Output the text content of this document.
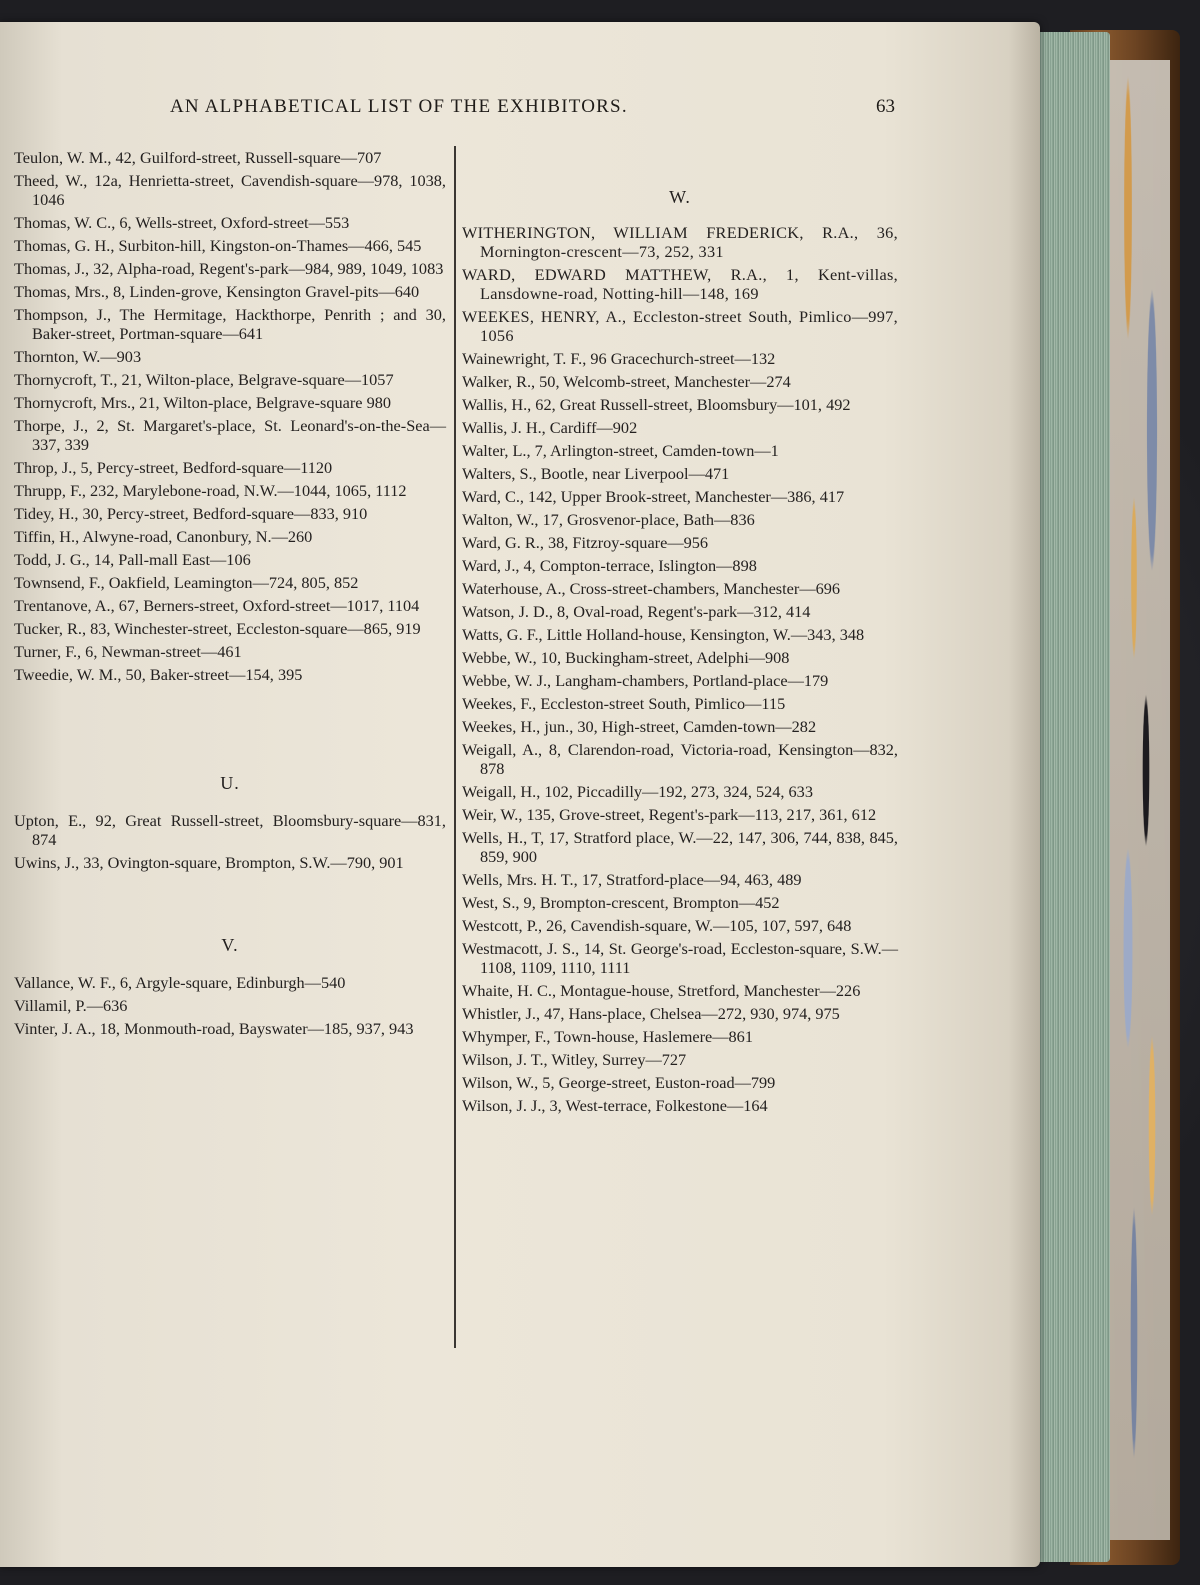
AN ALPHABETICAL LIST OF THE EXHIBITORS.	63
Teulon, W. M., 42, Guilford-street, Russell-square—707
Theed, W., 12a, Henrietta-street, Cavendish-square—978, 1038, 1046
Thomas, W. C., 6, Wells-street, Oxford-street—553
Thomas, G. H., Surbiton-hill, Kingston-on-Thames—466, 545
Thomas, J., 32, Alpha-road, Regent's-park—984, 989, 1049, 1083
Thomas, Mrs., 8, Linden-grove, Kensington Gravel-pits—640
Thompson, J., The Hermitage, Hackthorpe, Penrith ; and 30, Baker-street, Portman-square—641
Thornton, W.—903
Thornycroft, T., 21, Wilton-place, Belgrave-square—1057
Thornycroft, Mrs., 21, Wilton-place, Belgrave-square 980
Thorpe, J., 2, St. Margaret's-place, St. Leonard's-on-the-Sea—337, 339
Throp, J., 5, Percy-street, Bedford-square—1120
Thrupp, F., 232, Marylebone-road, N.W.—1044, 1065, 1112
Tidey, H., 30, Percy-street, Bedford-square—833, 910
Tiffin, H., Alwyne-road, Canonbury, N.—260
Todd, J. G., 14, Pall-mall East—106
Townsend, F., Oakfield, Leamington—724, 805, 852
Trentanove, A., 67, Berners-street, Oxford-street—1017, 1104
Tucker, R., 83, Winchester-street, Eccleston-square—865, 919
Turner, F., 6, Newman-street—461
Tweedie, W. M., 50, Baker-street—154, 395
U.
Upton, E., 92, Great Russell-street, Bloomsbury-square—831, 874
Uwins, J., 33, Ovington-square, Brompton, S.W.—790, 901
V.
Vallance, W. F., 6, Argyle-square, Edinburgh—540
Villamil, P.—636
Vinter, J. A., 18, Monmouth-road, Bayswater—185, 937, 943
W.
WITHERINGTON, WILLIAM FREDERICK, R.A., 36, Mornington-crescent—73, 252, 331
WARD, EDWARD MATTHEW, R.A., 1, Kent-villas, Lansdowne-road, Notting-hill—148, 169
WEEKES, HENRY, A., Eccleston-street South, Pimlico—997, 1056
Wainewright, T. F., 96 Gracechurch-street—132
Walker, R., 50, Welcomb-street, Manchester—274
Wallis, H., 62, Great Russell-street, Bloomsbury—101, 492
Wallis, J. H., Cardiff—902
Walter, L., 7, Arlington-street, Camden-town—1
Walters, S., Bootle, near Liverpool—471
Ward, C., 142, Upper Brook-street, Manchester—386, 417
Walton, W., 17, Grosvenor-place, Bath—836
Ward, G. R., 38, Fitzroy-square—956
Ward, J., 4, Compton-terrace, Islington—898
Waterhouse, A., Cross-street-chambers, Manchester—696
Watson, J. D., 8, Oval-road, Regent's-park—312, 414
Watts, G. F., Little Holland-house, Kensington, W.—343, 348
Webbe, W., 10, Buckingham-street, Adelphi—908
Webbe, W. J., Langham-chambers, Portland-place—179
Weekes, F., Eccleston-street South, Pimlico—115
Weekes, H., jun., 30, High-street, Camden-town—282
Weigall, A., 8, Clarendon-road, Victoria-road, Kensington—832, 878
Weigall, H., 102, Piccadilly—192, 273, 324, 524, 633
Weir, W., 135, Grove-street, Regent's-park—113, 217, 361, 612
Wells, H., T, 17, Stratford place, W.—22, 147, 306, 744, 838, 845, 859, 900
Wells, Mrs. H. T., 17, Stratford-place—94, 463, 489
West, S., 9, Brompton-crescent, Brompton—452
Westcott, P., 26, Cavendish-square, W.—105, 107, 597, 648
Westmacott, J. S., 14, St. George's-road, Eccleston-square, S.W.—1108, 1109, 1110, 1111
Whaite, H. C., Montague-house, Stretford, Manchester—226
Whistler, J., 47, Hans-place, Chelsea—272, 930, 974, 975
Whymper, F., Town-house, Haslemere—861
Wilson, J. T., Witley, Surrey—727
Wilson, W., 5, George-street, Euston-road—799
Wilson, J. J., 3, West-terrace, Folkestone—164
